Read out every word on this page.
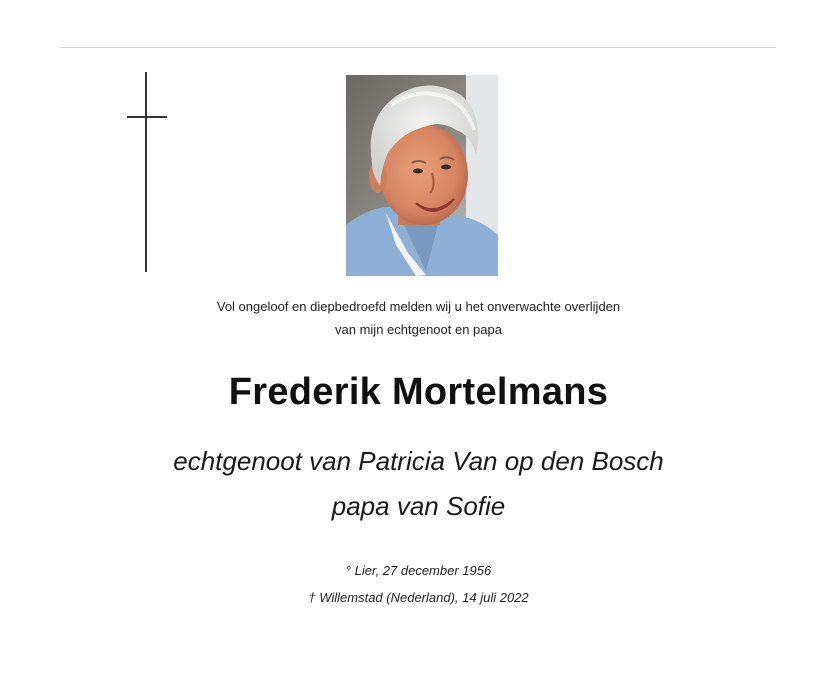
Vol ongeloof en diepbedroefd melden wij u het onverwachte overlijden
van mijn echtgenoot en papa
Frederik Mortelmans
echtgenoot van Patricia Van op den Bosch
papa van Sofie
° Lier, 27 december 1956
† Willemstad (Nederland), 14 juli 2022
